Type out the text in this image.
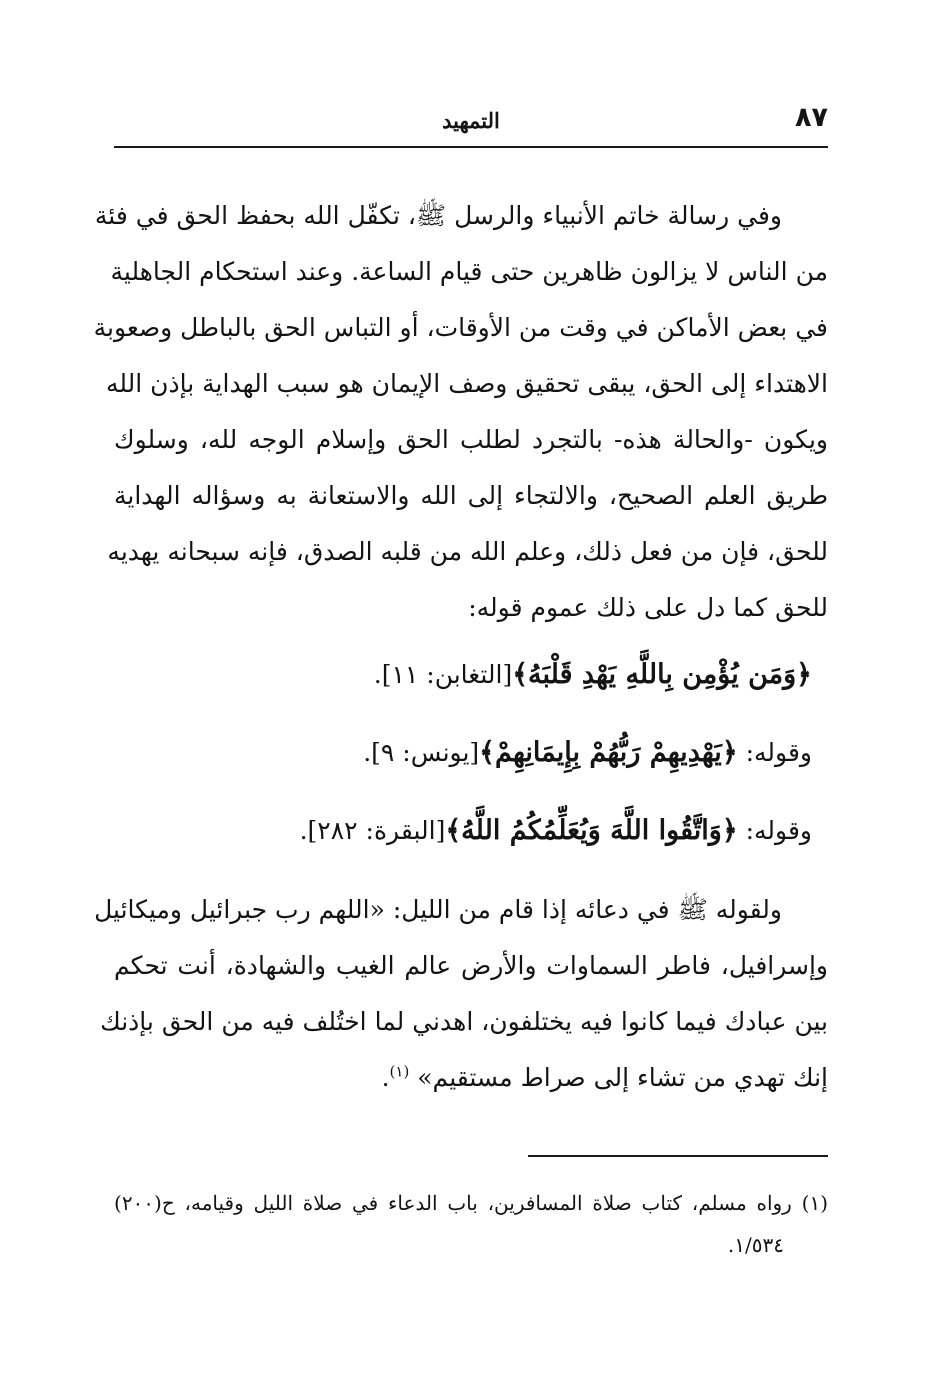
٨٧
التمهيد
وفي رسالة خاتم الأنبياء والرسل ﷺ، تكفّل الله بحفظ الحق في فئة
من الناس لا يزالون ظاهرين حتى قيام الساعة. وعند استحكام الجاهلية
في بعض الأماكن في وقت من الأوقات، أو التباس الحق بالباطل وصعوبة
الاهتداء إلى الحق، يبقى تحقيق وصف الإيمان هو سبب الهداية بإذن الله
ويكون -والحالة هذه- بالتجرد لطلب الحق وإسلام الوجه لله، وسلوك
طريق العلم الصحيح، والالتجاء إلى الله والاستعانة به وسؤاله الهداية
للحق، فإن من فعل ذلك، وعلم الله من قلبه الصدق، فإنه سبحانه يهديه
للحق كما دل على ذلك عموم قوله:
﴿وَمَن يُؤْمِن بِاللَّهِ يَهْدِ قَلْبَهُ﴾[التغابن: ١١].
وقوله: ﴿يَهْدِيهِمْ رَبُّهُمْ بِإِيمَانِهِمْ﴾[يونس: ٩].
وقوله: ﴿وَاتَّقُوا اللَّهَ وَيُعَلِّمُكُمُ اللَّهُ﴾[البقرة: ٢٨٢].
ولقوله ﷺ في دعائه إذا قام من الليل: «اللهم رب جبرائيل وميكائيل
وإسرافيل، فاطر السماوات والأرض عالم الغيب والشهادة، أنت تحكم
بين عبادك فيما كانوا فيه يختلفون، اهدني لما اختُلف فيه من الحق بإذنك
إنك تهدي من تشاء إلى صراط مستقيم» $^{(١)}$.
(١) رواه مسلم، كتاب صلاة المسافرين، باب الدعاء في صلاة الليل وقيامه، ح(٢٠٠)
١/٥٣٤.
